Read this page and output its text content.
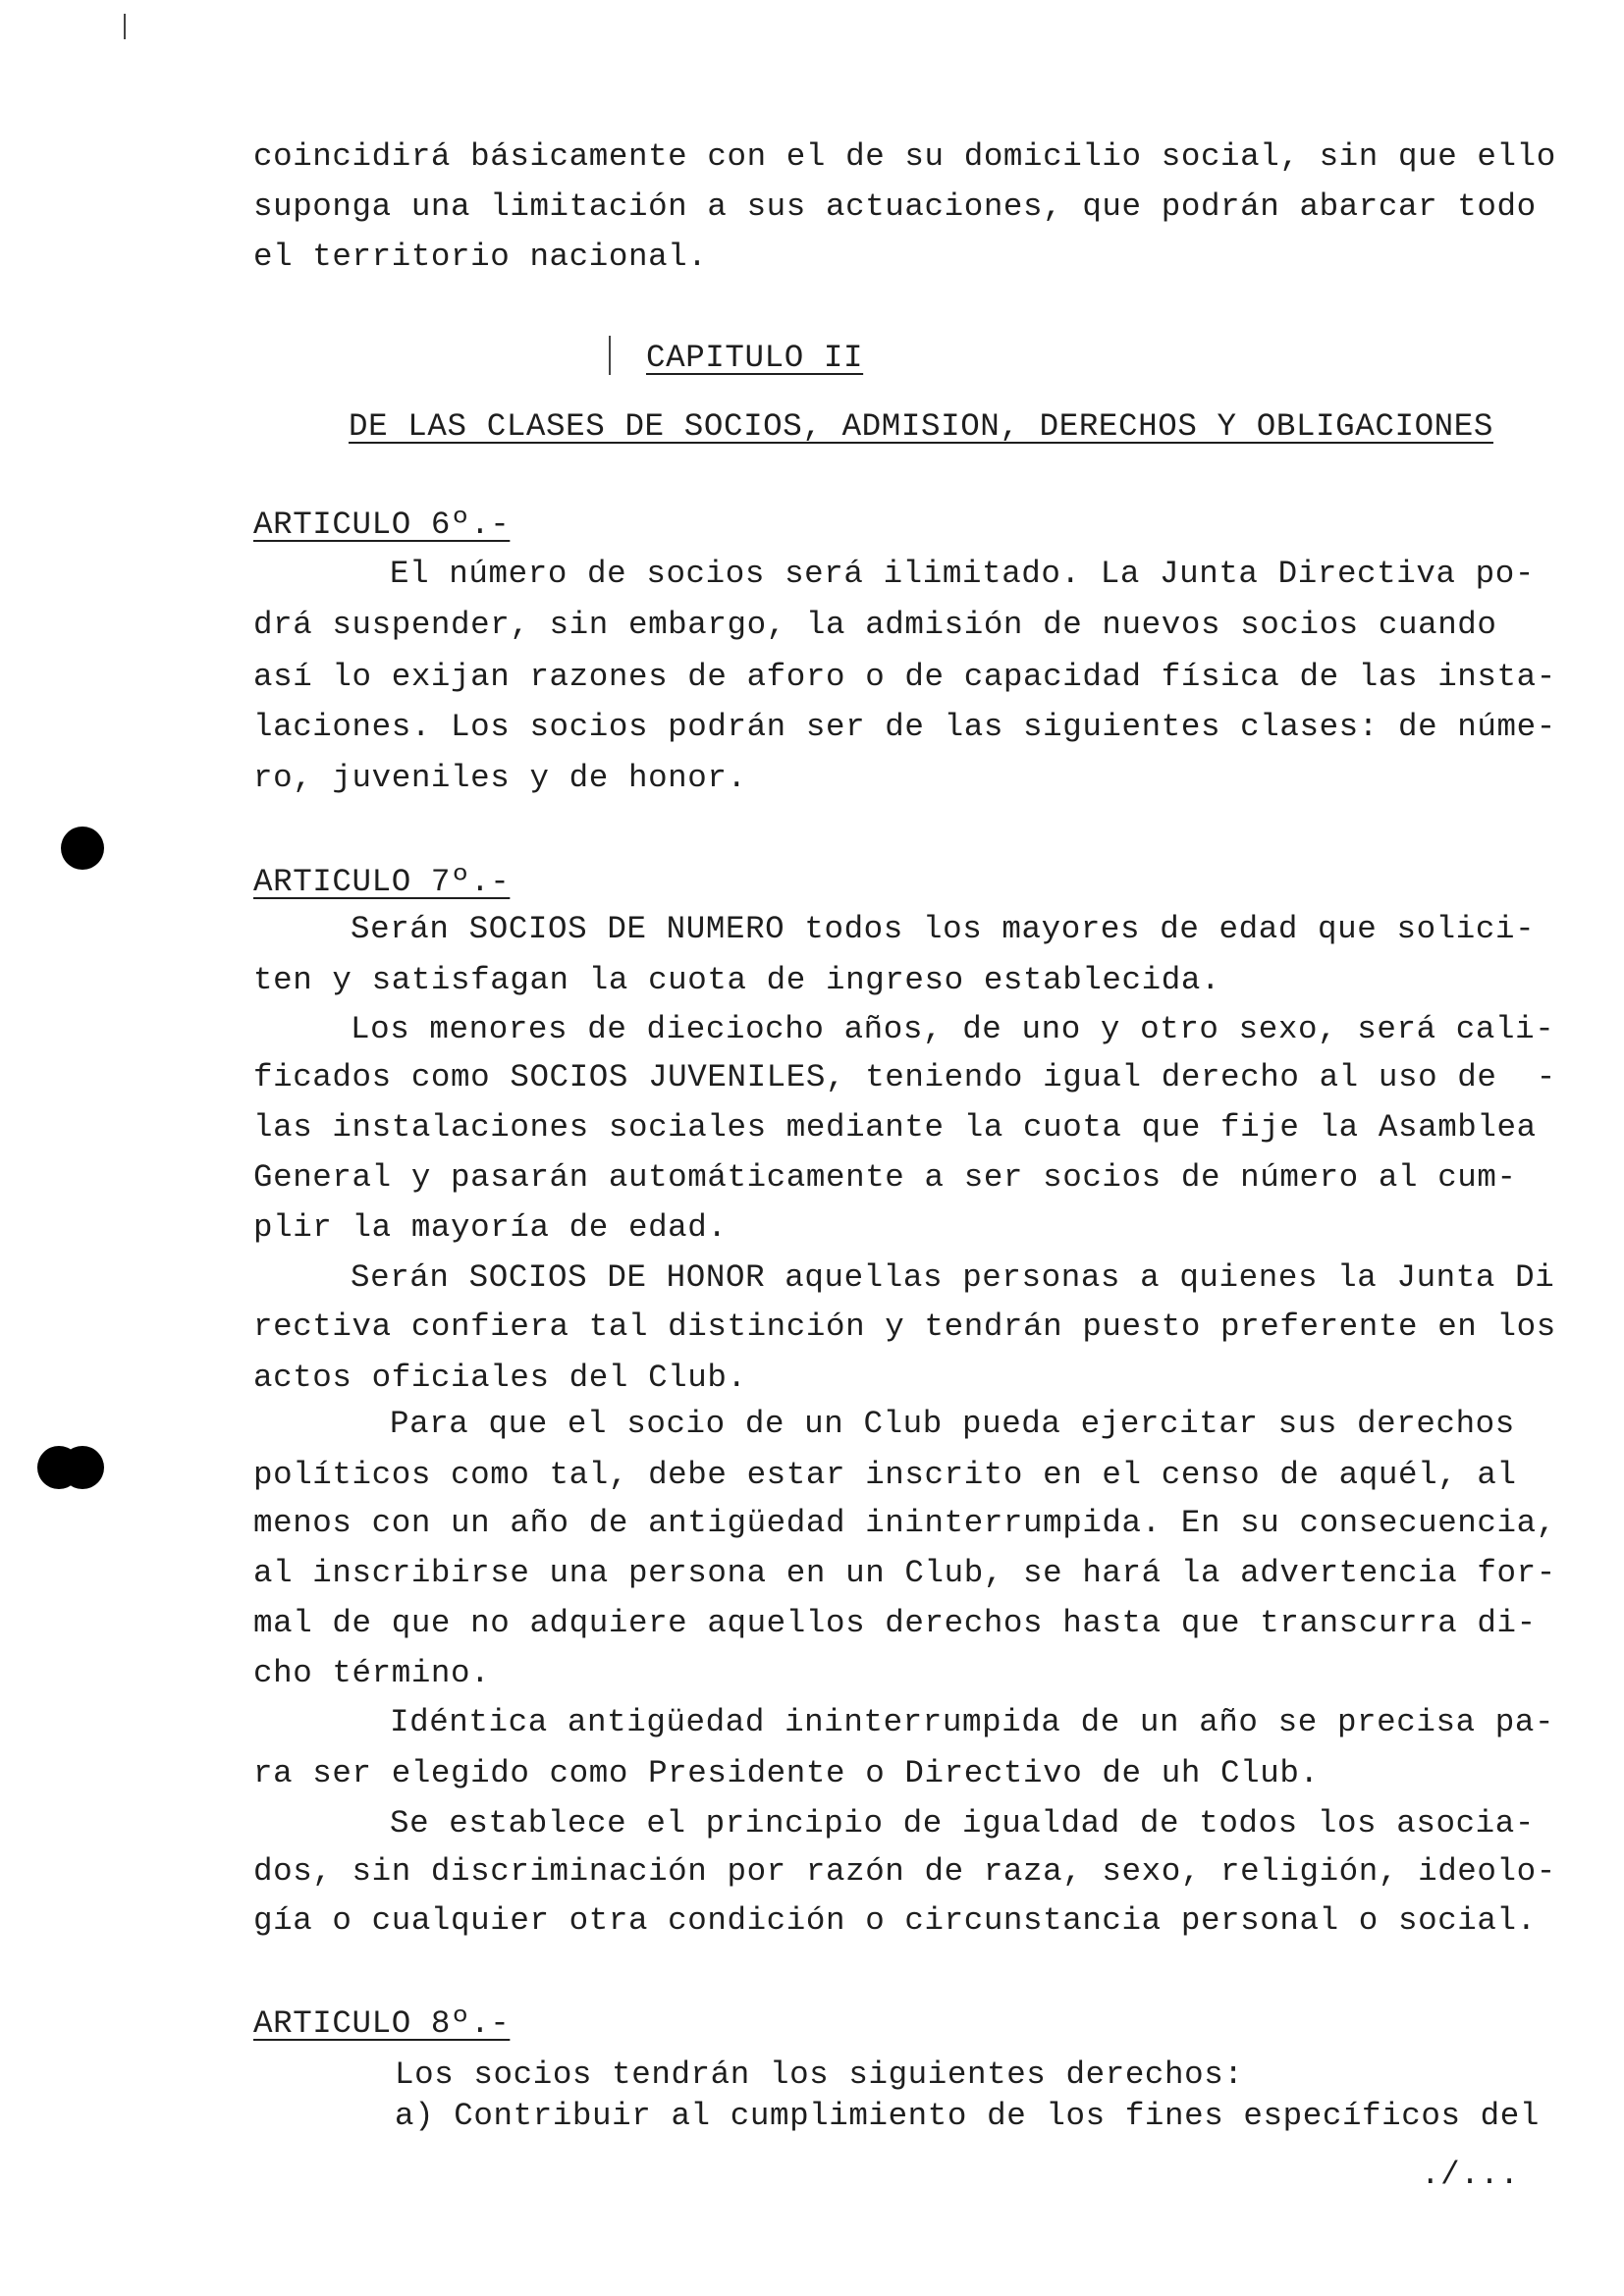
coincidirá básicamente con el de su domicilio social, sin que ello
suponga una limitación a sus actuaciones, que podrán abarcar todo
el territorio nacional.
CAPITULO II
DE LAS CLASES DE SOCIOS, ADMISION, DERECHOS Y OBLIGACIONES
ARTICULO 6º.-
El número de socios será ilimitado. La Junta Directiva po-
drá suspender, sin embargo, la admisión de nuevos socios cuando
así lo exijan razones de aforo o de capacidad física de las insta-
laciones. Los socios podrán ser de las siguientes clases: de núme-
ro, juveniles y de honor.
ARTICULO 7º.-
Serán SOCIOS DE NUMERO todos los mayores de edad que solici-
ten y satisfagan la cuota de ingreso establecida.
Los menores de dieciocho años, de uno y otro sexo, será cali-
ficados como SOCIOS JUVENILES, teniendo igual derecho al uso de  -
las instalaciones sociales mediante la cuota que fije la Asamblea
General y pasarán automáticamente a ser socios de número al cum-
plir la mayoría de edad.
Serán SOCIOS DE HONOR aquellas personas a quienes la Junta Di
rectiva confiera tal distinción y tendrán puesto preferente en los
actos oficiales del Club.
Para que el socio de un Club pueda ejercitar sus derechos
políticos como tal, debe estar inscrito en el censo de aquél, al
menos con un año de antigüedad ininterrumpida. En su consecuencia,
al inscribirse una persona en un Club, se hará la advertencia for-
mal de que no adquiere aquellos derechos hasta que transcurra di-
cho término.
Idéntica antigüedad ininterrumpida de un año se precisa pa-
ra ser elegido como Presidente o Directivo de uh Club.
Se establece el principio de igualdad de todos los asocia-
dos, sin discriminación por razón de raza, sexo, religión, ideolo-
gía o cualquier otra condición o circunstancia personal o social.
ARTICULO 8º.-
Los socios tendrán los siguientes derechos:
a) Contribuir al cumplimiento de los fines específicos del
./...
